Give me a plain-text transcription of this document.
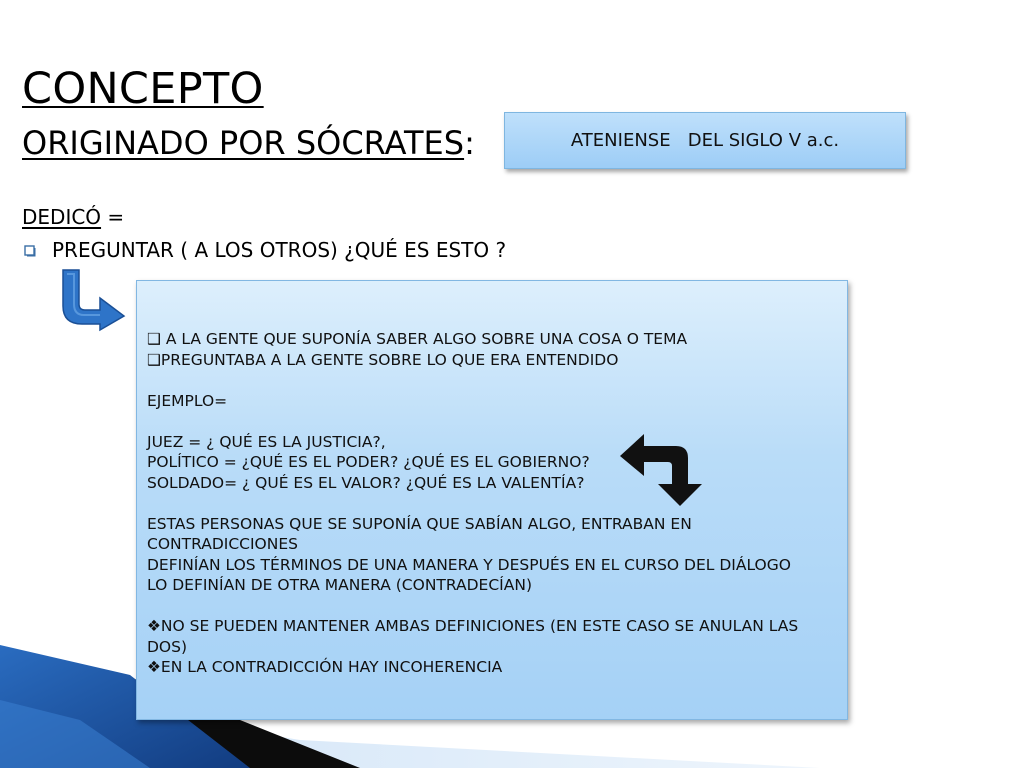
CONCEPTO
ORIGINADO POR SÓCRATES:	ATENIENSE   DEL SIGLO V a.c.
DEDICÓ =
PREGUNTAR ( A LOS OTROS) ¿QUÉ ES ESTO ?
❑ A LA GENTE QUE SUPONÍA SABER ALGO SOBRE UNA COSA O TEMA
❑PREGUNTABA A LA GENTE SOBRE LO QUE ERA ENTENDIDO
EJEMPLO=
JUEZ = ¿ QUÉ ES LA JUSTICIA?,
POLÍTICO = ¿QUÉ ES EL PODER? ¿QUÉ ES EL GOBIERNO?
SOLDADO= ¿ QUÉ ES EL VALOR? ¿QUÉ ES LA VALENTÍA?
ESTAS PERSONAS QUE SE SUPONÍA QUE SABÍAN ALGO, ENTRABAN EN
CONTRADICCIONES
DEFINÍAN LOS TÉRMINOS DE UNA MANERA Y DESPUÉS EN EL CURSO DEL DIÁLOGO
LO DEFINÍAN DE OTRA MANERA (CONTRADECÍAN)
❖NO SE PUEDEN MANTENER AMBAS DEFINICIONES (EN ESTE CASO SE ANULAN LAS
DOS)
❖EN LA CONTRADICCIÓN HAY INCOHERENCIA
